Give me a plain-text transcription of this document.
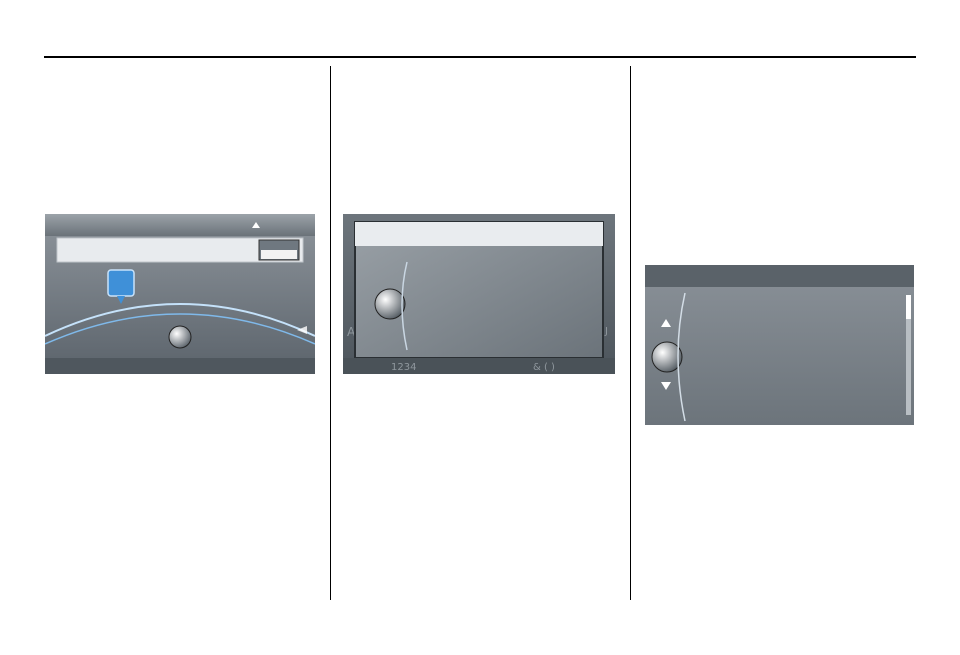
A	J
1234	& ( )
